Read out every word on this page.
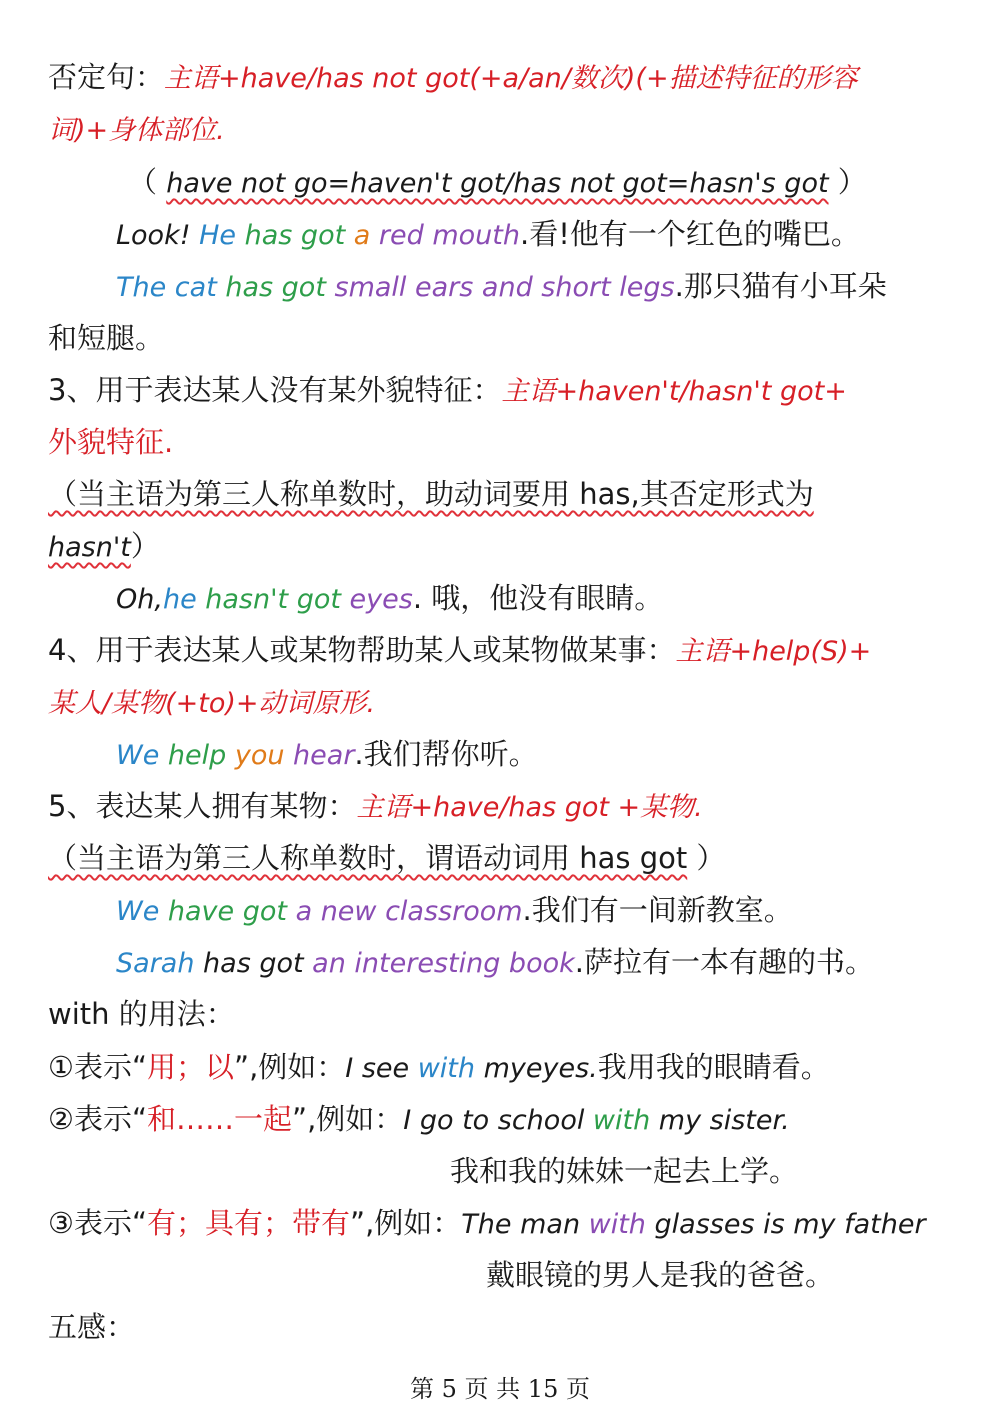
否定句：主语+have/has not got(+a/an/数次)(+描述特征的形容
词)+身体部位.
（ have not go=haven't got/has not got=hasn's got ）
Look! He has got a red mouth.看!他有一个红色的嘴巴。
The cat has got small ears and short legs.那只猫有小耳朵
和短腿。
3、用于表达某人没有某外貌特征：主语+haven't/hasn't got+
外貌特征.
（当主语为第三人称单数时，助动词要用 has,其否定形式为
hasn't）
Oh,he hasn't got eyes. 哦，他没有眼睛。
4、用于表达某人或某物帮助某人或某物做某事：主语+help(S)+
某人/某物(+to)+动词原形.
We help you hear.我们帮你听。
5、表达某人拥有某物：主语+have/has got +某物.
（当主语为第三人称单数时，谓语动词用 has got ）
We have got a new classroom.我们有一间新教室。
Sarah has got an interesting book.萨拉有一本有趣的书。
with 的用法：
①表示“用；以”,例如：I see with myeyes.我用我的眼睛看。
②表示“和……一起”,例如：I go to school with my sister.
我和我的妹妹一起去上学。
③表示“有；具有；带有”,例如：The man with glasses is my father
戴眼镜的男人是我的爸爸。
五感：
第 5 页 共 15 页
